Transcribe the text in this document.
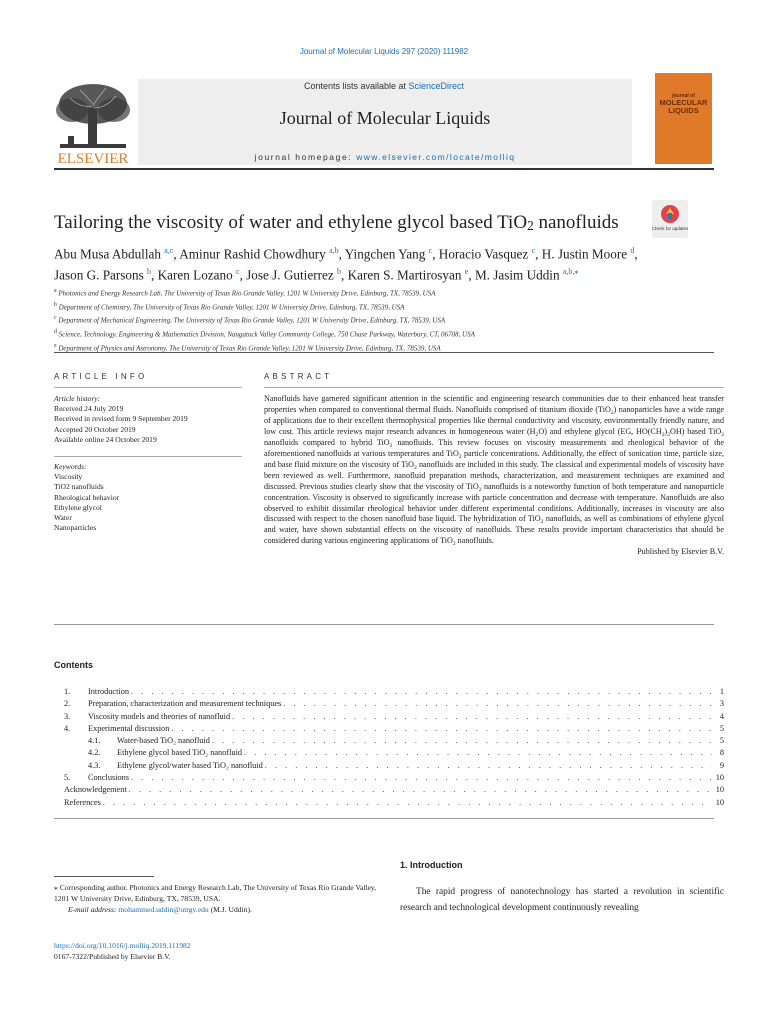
Journal of Molecular Liquids 297 (2020) 111982
Contents lists available at ScienceDirect
Journal of Molecular Liquids
journal homepage: www.elsevier.com/locate/molliq
ELSEVIER
journal of
MOLECULAR LIQUIDS
Tailoring the viscosity of water and ethylene glycol based TiO$_2$ nanofluids	Check for updates
Abu Musa Abdullah $^{a,c}$, Aminur Rashid Chowdhury $^{a,b}$, Yingchen Yang $^c$, Horacio Vasquez $^c$, H. Justin Moore $^d$,
Jason G. Parsons $^b$, Karen Lozano $^c$, Jose J. Gutierrez $^b$, Karen S. Martirosyan $^e$, M. Jasim Uddin $^{a,b,⁎}$
$^a$ Photonics and Energy Research Lab, The University of Texas Rio Grande Valley, 1201 W University Drive, Edinburg, TX, 78539, USA
$^b$ Department of Chemistry, The University of Texas Rio Grande Valley, 1201 W University Drive, Edinburg, TX, 78539, USA
$^c$ Department of Mechanical Engineering, The University of Texas Rio Grande Valley, 1201 W University Drive, Edinburg, TX, 78539, USA
$^d$ Science, Technology, Engineering & Mathematics Division, Naugatuck Valley Community College, 750 Chase Parkway, Waterbury, CT, 06708, USA
$^e$ Department of Physics and Astronomy, The University of Texas Rio Grande Valley, 1201 W University Drive, Edinburg, TX, 78539, USA
ARTICLE INFO	ABSTRACT
Article history:
Received 24 July 2019
Received in revised form 9 September 2019
Accepted 20 October 2019
Available online 24 October 2019
Keywords:
Viscosity
TiO2 nanofluids
Rheological behavior
Ethylene glycol
Water
Nanoparticles

Nanofluids have garnered significant attention in the scientific and engineering research communities due to their enhanced heat transfer properties when compared to conventional thermal fluids. Nanofluids comprised of titanium dioxide (TiO$_2$) nanoparticles have a wide range of applications due to their excellent thermophysical properties like thermal conductivity and viscosity, environmentally friendly nature, and low cost. This article reviews major research advances in homogeneous water $(H_2O)$ and ethylene glycol (EG, $HO(CH_2)_2OH$) based TiO$_2$ nanofluids compared to hybrid TiO$_2$ nanofluids. This review focuses on viscosity measurements and rheological behavior of the aforementioned nanofluids at various temperatures and TiO$_2$ particle concentrations. Additionally, the effect of sonication time, particle size, and base fluid mixture on the viscosity of TiO$_2$ nanofluids are included in this study. The classical and experimental models of viscosity have been reviewed as well. Furthermore, nanofluid preparation methods, characterization, and measurement techniques are examined and discussed. Previous studies clearly show that the viscosity of TiO$_2$ nanofluids is a noteworthy function of both temperature and nanoparticle concentration. Viscosity is observed to significantly increase with particle concentration and decrease with temperature. Nanofluids are also observed to exhibit dissimilar rheological behavior under different experimental conditions. Additionally, increases in viscosity are also discussed with respect to the chosen nanofluid base liquid. The hybridization of TiO$_2$ nanofluids, as well as combinations of ethylene glycol and water, have shown substantial effects on the viscosity of nanofluids. These results provide important characteristics that should be considered during various engineering applications of TiO$_2$ nanofluids.

Published by Elsevier B.V.

Contents
1.	Introduction . . .	1
2.	Preparation, characterization and measurement techniques . . .	3
3.	Viscosity models and theories of nanofluid . . .	4
4.	Experimental discussion . . .	5
4.1.	Water-based TiO₂ nanofluid . . .	5
4.2.	Ethylene glycol based TiO₂ nanofluid . . .	8
4.3.	Ethylene glycol/water based TiO₂ nanofluid . . .	9
5.	Conclusions . . .	10
Acknowledgement . . .	10
References . . .	10
1. Introduction
The rapid progress of nanotechnology has started a revolution in scientific research and technological development continuously revealing
⁎ Corresponding author. Photonics and Energy Research Lab, The University of Texas Rio Grande Valley, 1201 W University Drive, Edinburg, TX, 78539, USA.
E-mail address: mohammed.uddin@utrgv.edu (M.J. Uddin).
https://doi.org/10.1016/j.molliq.2019.111982
0167-7322/Published by Elsevier B.V.
